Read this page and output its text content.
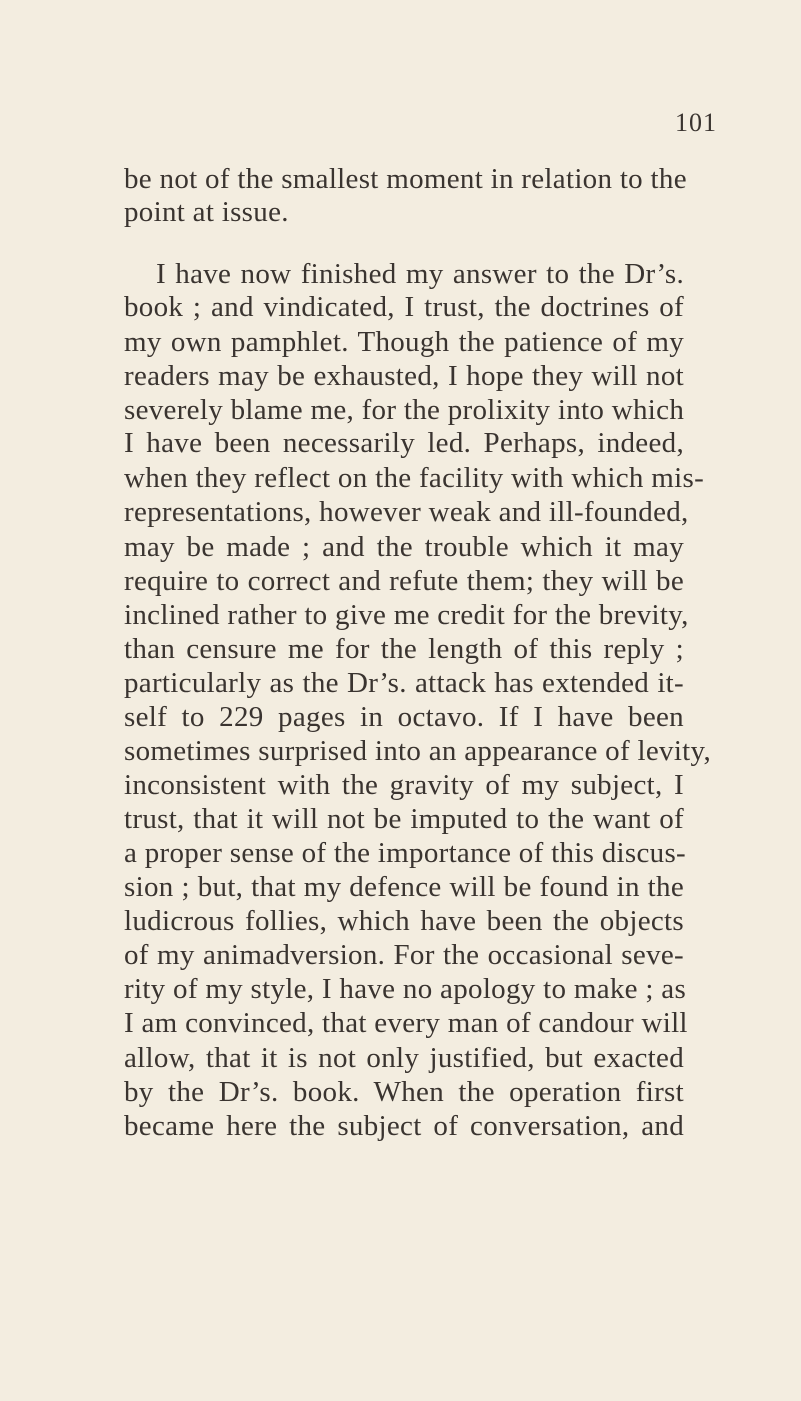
101
be not of the smallest moment in relation to the
point at issue.
I have now finished my answer to the Dr’s.
book ; and vindicated, I trust, the doctrines of
my own pamphlet. Though the patience of my
readers may be exhausted, I hope they will not
severely blame me, for the prolixity into which
I have been necessarily led. Perhaps, indeed,
when they reflect on the facility with which mis-
representations, however weak and ill-founded,
may be made ; and the trouble which it may
require to correct and refute them; they will be
inclined rather to give me credit for the brevity,
than censure me for the length of this reply ;
particularly as the Dr’s. attack has extended it-
self to 229 pages in octavo. If I have been
sometimes surprised into an appearance of levity,
inconsistent with the gravity of my subject, I
trust, that it will not be imputed to the want of
a proper sense of the importance of this discus-
sion ; but, that my defence will be found in the
ludicrous follies, which have been the objects
of my animadversion. For the occasional seve-
rity of my style, I have no apology to make ; as
I am convinced, that every man of candour will
allow, that it is not only justified, but exacted
by the Dr’s. book. When the operation first
became here the subject of conversation, and
